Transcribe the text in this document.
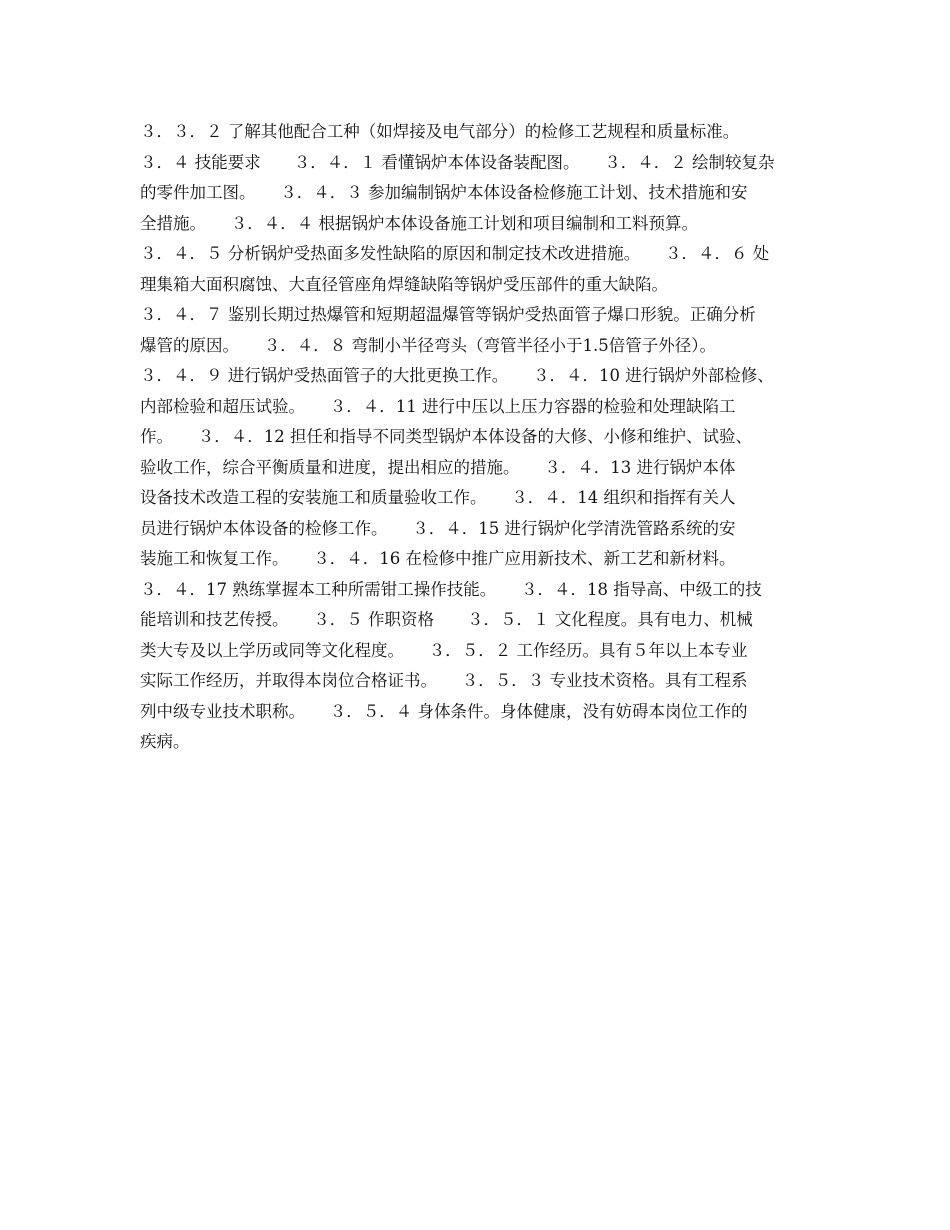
３．３．２ 了解其他配合工种（如焊接及电气部分）的检修工艺规程和质量标准。
３．４ 技能要求　　３．４．１ 看懂锅炉本体设备装配图。　　３．４．２ 绘制较复杂
的零件加工图。　　３．４．３ 参加编制锅炉本体设备检修施工计划、技术措施和安
全措施。　　３．４．４ 根据锅炉本体设备施工计划和项目编制和工料预算。
３．４．５ 分析锅炉受热面多发性缺陷的原因和制定技术改进措施。　　３．４．６ 处
理集箱大面积腐蚀、大直径管座角焊缝缺陷等锅炉受压部件的重大缺陷。
３．４．７ 鉴别长期过热爆管和短期超温爆管等锅炉受热面管子爆口形貌。正确分析
爆管的原因。　　３．４．８ 弯制小半径弯头（弯管半径小于1.5倍管子外径）。
３．４．９ 进行锅炉受热面管子的大批更换工作。　　３．４．10 进行锅炉外部检修、
内部检验和超压试验。　　３．４．11 进行中压以上压力容器的检验和处理缺陷工
作。　　３．４．12 担任和指导不同类型锅炉本体设备的大修、小修和维护、试验、
验收工作，综合平衡质量和进度，提出相应的措施。　　３．４．13 进行锅炉本体
设备技术改造工程的安装施工和质量验收工作。　　３．４．14 组织和指挥有关人
员进行锅炉本体设备的检修工作。　　３．４．15 进行锅炉化学清洗管路系统的安
装施工和恢复工作。　　３．４．16 在检修中推广应用新技术、新工艺和新材料。
３．４．17 熟练掌握本工种所需钳工操作技能。　　３．４．18 指导高、中级工的技
能培训和技艺传授。　　３．５ 作职资格　　３．５．１ 文化程度。具有电力、机械
类大专及以上学历或同等文化程度。　　３．５．２ 工作经历。具有５年以上本专业
实际工作经历，并取得本岗位合格证书。　　３．５．３ 专业技术资格。具有工程系
列中级专业技术职称。　　３．５．４ 身体条件。身体健康，没有妨碍本岗位工作的
疾病。
